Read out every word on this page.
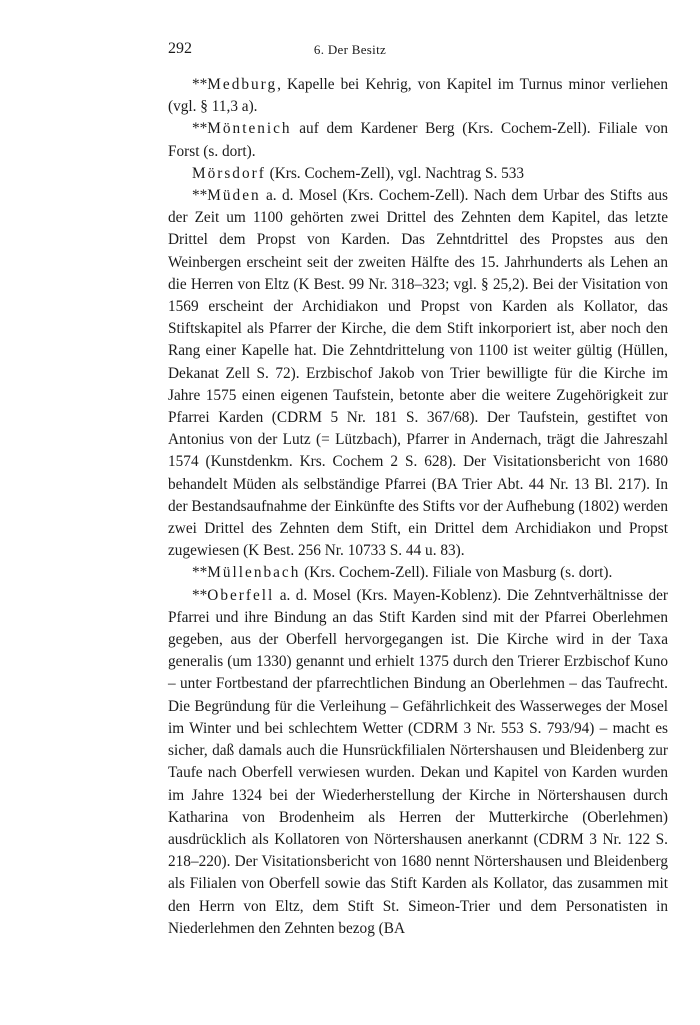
292	6. Der Besitz

**Medburg, Kapelle bei Kehrig, von Kapitel im Turnus minor verliehen (vgl. § 11,3 a).

**Möntenich auf dem Kardener Berg (Krs. Cochem-Zell). Filiale von Forst (s. dort).

Mörsdorf (Krs. Cochem-Zell), vgl. Nachtrag S. 533

**Müden a. d. Mosel (Krs. Cochem-Zell). Nach dem Urbar des Stifts aus der Zeit um 1100 gehörten zwei Drittel des Zehnten dem Kapitel, das letzte Drittel dem Propst von Karden. Das Zehntdrittel des Propstes aus den Weinbergen erscheint seit der zweiten Hälfte des 15. Jahrhunderts als Lehen an die Herren von Eltz (K Best. 99 Nr. 318–323; vgl. § 25,2). Bei der Visitation von 1569 erscheint der Archidiakon und Propst von Karden als Kollator, das Stiftskapitel als Pfarrer der Kirche, die dem Stift inkorporiert ist, aber noch den Rang einer Kapelle hat. Die Zehntdrittelung von 1100 ist weiter gültig (Hüllen, Dekanat Zell S. 72). Erzbischof Jakob von Trier bewilligte für die Kirche im Jahre 1575 einen eigenen Taufstein, betonte aber die weitere Zugehörigkeit zur Pfarrei Karden (CDRM 5 Nr. 181 S. 367/68). Der Taufstein, gestiftet von Antonius von der Lutz (= Lützbach), Pfarrer in Andernach, trägt die Jahreszahl 1574 (Kunstdenkm. Krs. Cochem 2 S. 628). Der Visitationsbericht von 1680 behandelt Müden als selbständige Pfarrei (BA Trier Abt. 44 Nr. 13 Bl. 217). In der Bestandsaufnahme der Einkünfte des Stifts vor der Aufhebung (1802) werden zwei Drittel des Zehnten dem Stift, ein Drittel dem Archidiakon und Propst zugewiesen (K Best. 256 Nr. 10733 S. 44 u. 83).

**Müllenbach (Krs. Cochem-Zell). Filiale von Masburg (s. dort).

**Oberfell a. d. Mosel (Krs. Mayen-Koblenz). Die Zehntverhältnisse der Pfarrei und ihre Bindung an das Stift Karden sind mit der Pfarrei Oberlehmen gegeben, aus der Oberfell hervorgegangen ist. Die Kirche wird in der Taxa generalis (um 1330) genannt und erhielt 1375 durch den Trierer Erzbischof Kuno – unter Fortbestand der pfarrechtlichen Bindung an Oberlehmen – das Taufrecht. Die Begründung für die Verleihung – Gefährlichkeit des Wasserweges der Mosel im Winter und bei schlechtem Wetter (CDRM 3 Nr. 553 S. 793/94) – macht es sicher, daß damals auch die Hunsrückfilialen Nörtershausen und Bleidenberg zur Taufe nach Oberfell verwiesen wurden. Dekan und Kapitel von Karden wurden im Jahre 1324 bei der Wiederherstellung der Kirche in Nörtershausen durch Katharina von Brodenheim als Herren der Mutterkirche (Oberlehmen) ausdrücklich als Kollatoren von Nörtershausen anerkannt (CDRM 3 Nr. 122 S. 218–220). Der Visitationsbericht von 1680 nennt Nörtershausen und Bleidenberg als Filialen von Oberfell sowie das Stift Karden als Kollator, das zusammen mit den Herrn von Eltz, dem Stift St. Simeon-Trier und dem Personatisten in Niederlehmen den Zehnten bezog (BA
